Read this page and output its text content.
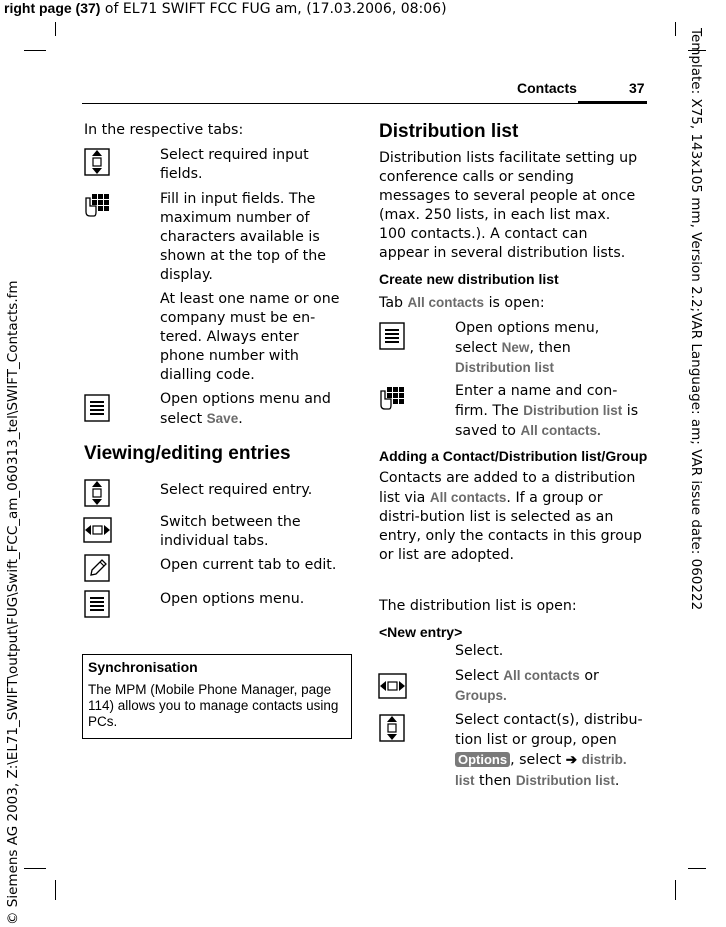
right page (37) of EL71 SWIFT FCC FUG am, (17.03.2006, 08:06)
Template: X75, 143x105 mm, Version 2.2;VAR Language: am; VAR issue date: 060222
© Siemens AG 2003, Z:\EL71_SWIFT\output\FUG\Swift_FCC_am_060313_tel\SWIFT_Contacts.fm
Contacts	37
In the respective tabs:
Select required input fields.
Fill in input fields. The maximum number of characters available is shown at the top of the display.
At least one name or one company must be en-tered. Always enter phone number with dialling code.
Open options menu and select Save.
Viewing/editing entries
Select required entry.
Switch between the individual tabs.
Open current tab to edit.
Open options menu.
Synchronisation
The MPM (Mobile Phone Manager, page 114) allows you to manage contacts using PCs.
Distribution list
Distribution lists facilitate setting up conference calls or sending messages to several people at once (max. 250 lists, in each list max. 100 contacts.). A contact can appear in several distribution lists.
Create new distribution list
Tab All contacts is open:
Open options menu, select New, then Distribution list
Enter a name and con-firm. The Distribution list is saved to All contacts.
Adding a Contact/Distribution list/Group
Contacts are added to a distribution list via All contacts. If a group or distri-bution list is selected as an entry, only the contacts in this group or list are adopted.
The distribution list is open:
<New entry>
Select.
Select All contacts or Groups.
Select contact(s), distribu-tion list or group, open Options , select ➔ distrib. list then Distribution list.
